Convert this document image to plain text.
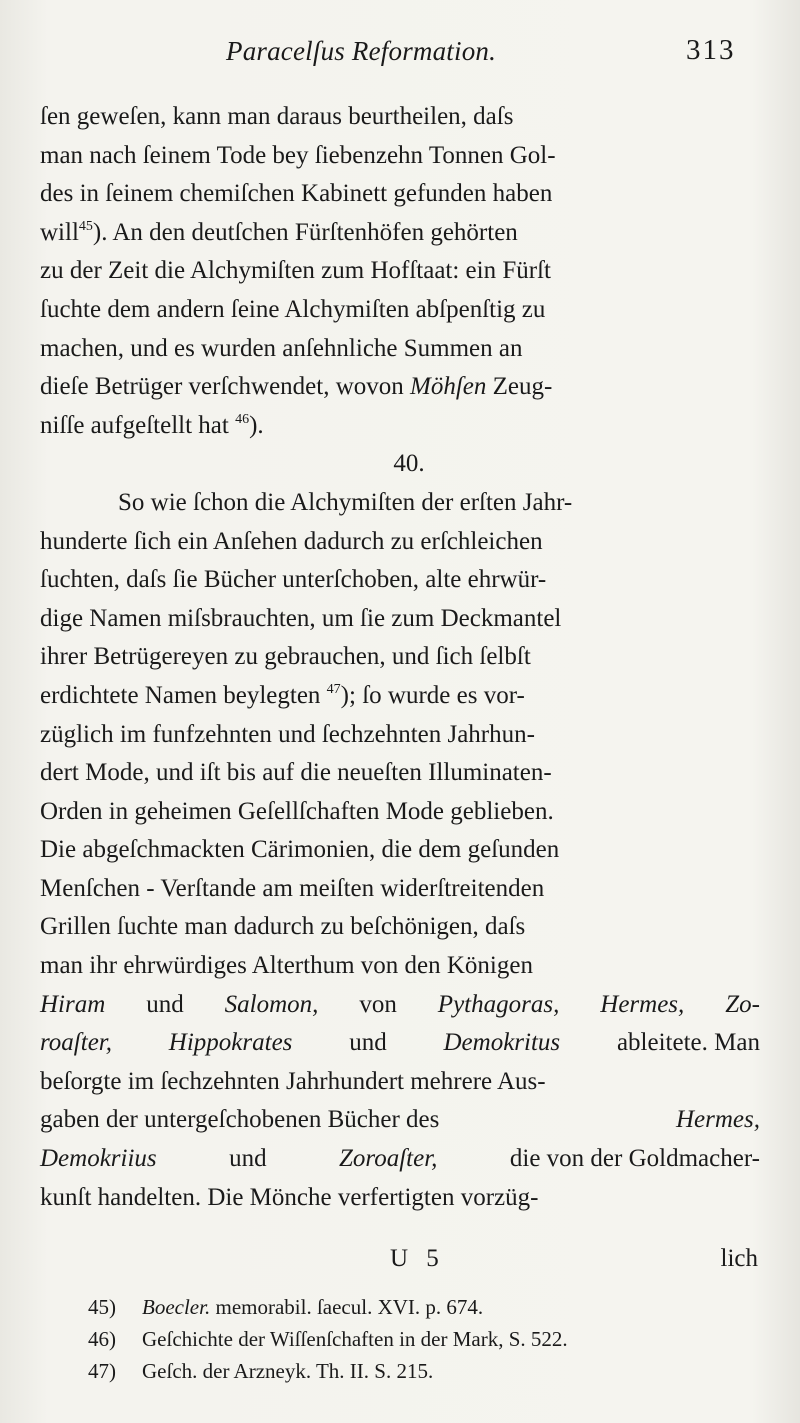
Paracelſus Reformation.	313
ſen geweſen, kann man daraus beurtheilen, daſs
man nach ſeinem Tode bey ſiebenzehn Tonnen Gol-
des in ſeinem chemiſchen Kabinett gefunden haben
will$^{45}$). An den deutſchen Fürſtenhöfen gehörten
zu der Zeit die Alchymiſten zum Hofſtaat: ein Fürſt
ſuchte dem andern ſeine Alchymiſten abſpenſtig zu
machen, und es wurden anſehnliche Summen an
dieſe Betrüger verſchwendet, wovon Möhſen Zeug-
niſſe aufgeſtellt hat $^{46}$).
40.
So wie ſchon die Alchymiſten der erſten Jahr-
hunderte ſich ein Anſehen dadurch zu erſchleichen
ſuchten, daſs ſie Bücher unterſchoben, alte ehrwür-
dige Namen miſsbrauchten, um ſie zum Deckmantel
ihrer Betrügereyen zu gebrauchen, und ſich ſelbſt
erdichtete Namen beylegten $^{47}$); ſo wurde es vor-
züglich im funfzehnten und ſechzehnten Jahrhun-
dert Mode, und iſt bis auf die neueſten Illuminaten-
Orden in geheimen Geſellſchaften Mode geblieben.
Die abgeſchmackten Cärimonien, die dem geſunden
Menſchen - Verſtande am meiſten widerſtreitenden
Grillen ſuchte man dadurch zu beſchönigen, daſs
man ihr ehrwürdiges Alterthum von den Königen
Hiram und Salomon, von Pythagoras, Hermes, Zo-
roaſter, Hippokrates und Demokritus ableitete. Man
beſorgte im ſechzehnten Jahrhundert mehrere Aus-
gaben der untergeſchobenen Bücher des	Hermes,
Demokriius	und	Zoroaſter,	die von der Goldmacher-
kunſt handelten. Die Mönche verfertigten vorzüg-
U 5	lich
45) Boecler. memorabil. ſaecul. XVI. p. 674.
46) Geſchichte der Wiſſenſchaften in der Mark, S. 522.
47) Geſch. der Arzneyk. Th. II. S. 215.
